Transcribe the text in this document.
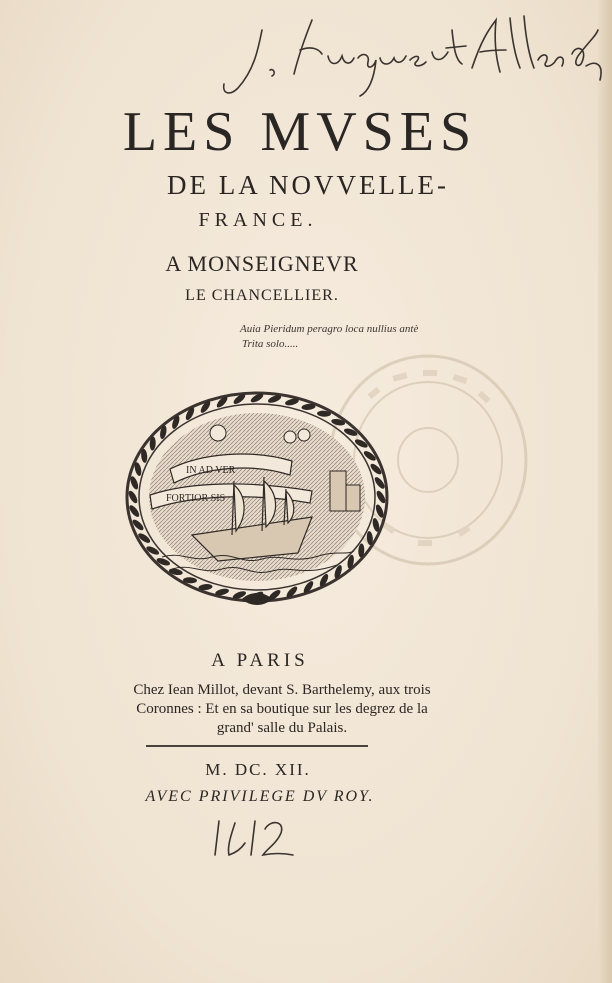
J. August Allard
LES MVSES
DE LA NOVVELLE-
FRANCE.
A MONSEIGNEVR
LE CHANCELLIER.
Auia Pieridum peragro loca nullius antè
Trita solo.....
IN AD VER
FORTIOR SIS
A PARIS
Chez Iean Millot, devant S. Barthelemy, aux trois
Coronnes : Et en sa boutique sur les degrez de la
grand' salle du Palais.
M. DC. XII.
AVEC PRIVILEGE DV ROY.
1612
